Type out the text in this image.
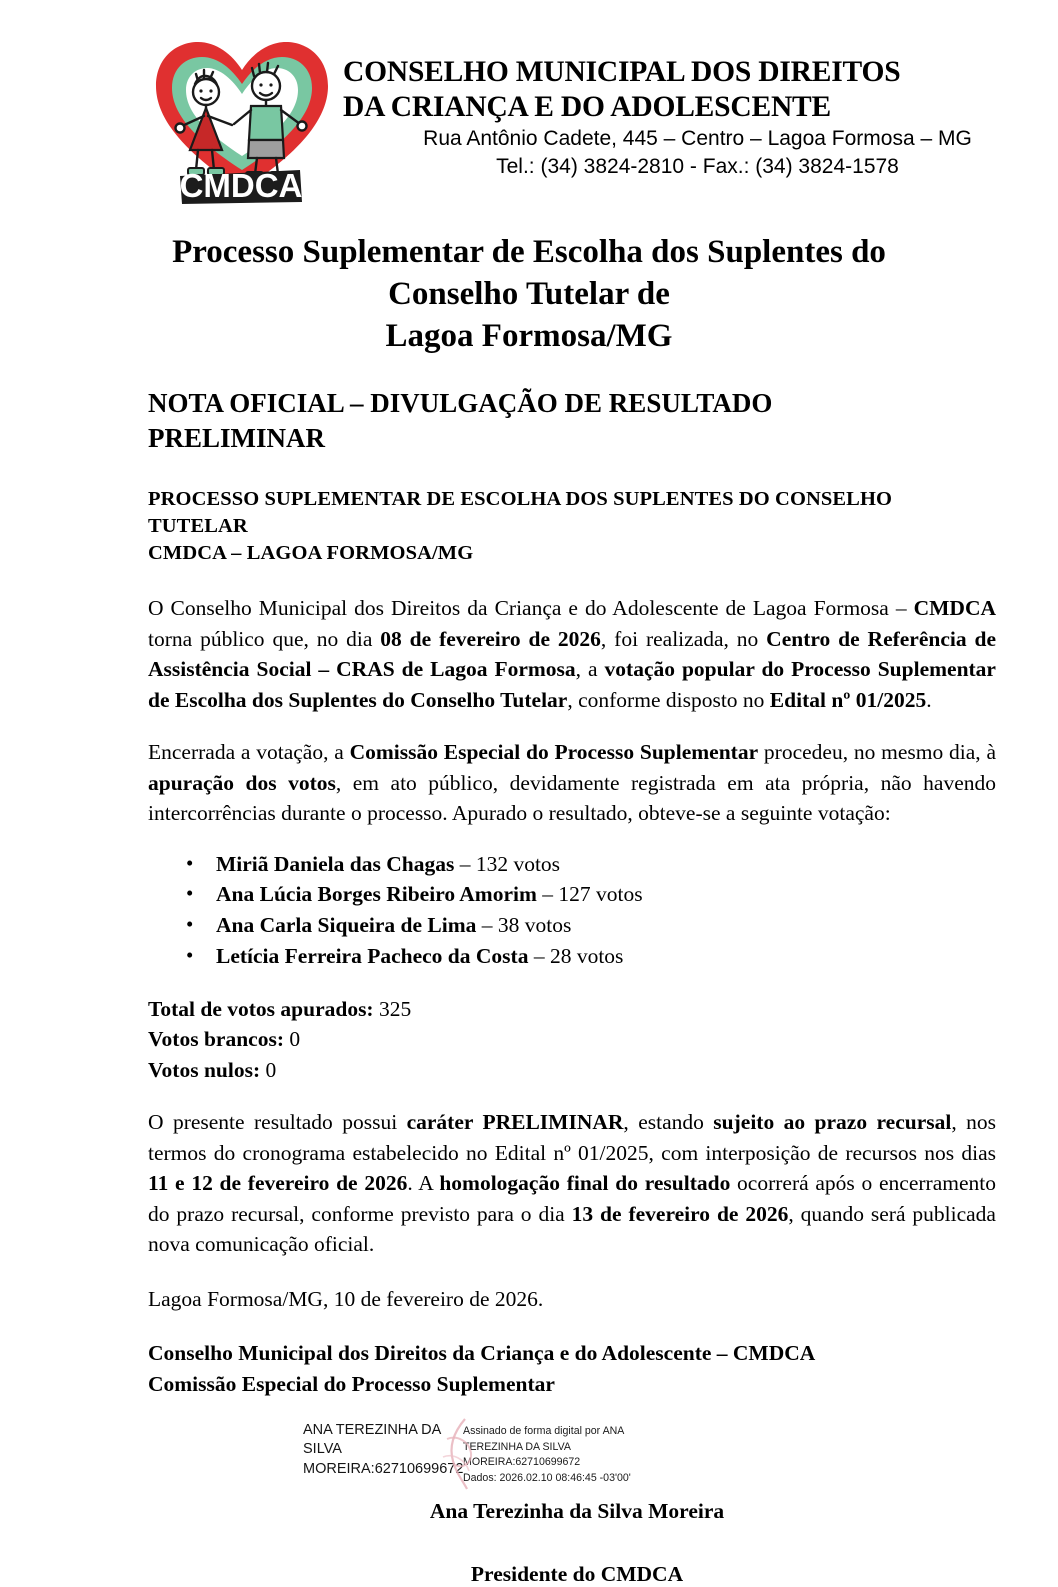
CMDCA
CONSELHO MUNICIPAL DOS DIREITOS
DA CRIANÇA E DO ADOLESCENTE
Rua Antônio Cadete, 445 – Centro – Lagoa Formosa – MG
Tel.: (34) 3824-2810 - Fax.: (34) 3824-1578
Processo Suplementar de Escolha dos Suplentes do
Conselho Tutelar de
Lagoa Formosa/MG
NOTA OFICIAL – DIVULGAÇÃO DE RESULTADO
PRELIMINAR
PROCESSO SUPLEMENTAR DE ESCOLHA DOS SUPLENTES DO CONSELHO
TUTELAR
CMDCA – LAGOA FORMOSA/MG

O Conselho Municipal dos Direitos da Criança e do Adolescente de Lagoa Formosa – CMDCA torna público que, no dia 08 de fevereiro de 2026, foi realizada, no Centro de Referência de Assistência Social – CRAS de Lagoa Formosa, a votação popular do Processo Suplementar de Escolha dos Suplentes do Conselho Tutelar, conforme disposto no Edital nº 01/2025.

Encerrada a votação, a Comissão Especial do Processo Suplementar procedeu, no mesmo dia, à apuração dos votos, em ato público, devidamente registrada em ata própria, não havendo intercorrências durante o processo. Apurado o resultado, obteve-se a seguinte votação:

• Miriã Daniela das Chagas – 132 votos
• Ana Lúcia Borges Ribeiro Amorim – 127 votos
• Ana Carla Siqueira de Lima – 38 votos
• Letícia Ferreira Pacheco da Costa – 28 votos
Total de votos apurados: 325
Votos brancos: 0
Votos nulos: 0

O presente resultado possui caráter PRELIMINAR, estando sujeito ao prazo recursal, nos termos do cronograma estabelecido no Edital nº 01/2025, com interposição de recursos nos dias 11 e 12 de fevereiro de 2026. A homologação final do resultado ocorrerá após o encerramento do prazo recursal, conforme previsto para o dia 13 de fevereiro de 2026, quando será publicada nova comunicação oficial.

Lagoa Formosa/MG, 10 de fevereiro de 2026.
Conselho Municipal dos Direitos da Criança e do Adolescente – CMDCA
Comissão Especial do Processo Suplementar
ANA TEREZINHA DA
SILVA
MOREIRA:62710699672
Assinado de forma digital por ANA
TEREZINHA DA SILVA
MOREIRA:62710699672
Dados: 2026.02.10 08:46:45 -03'00'
Ana Terezinha da Silva Moreira
Presidente do CMDCA
